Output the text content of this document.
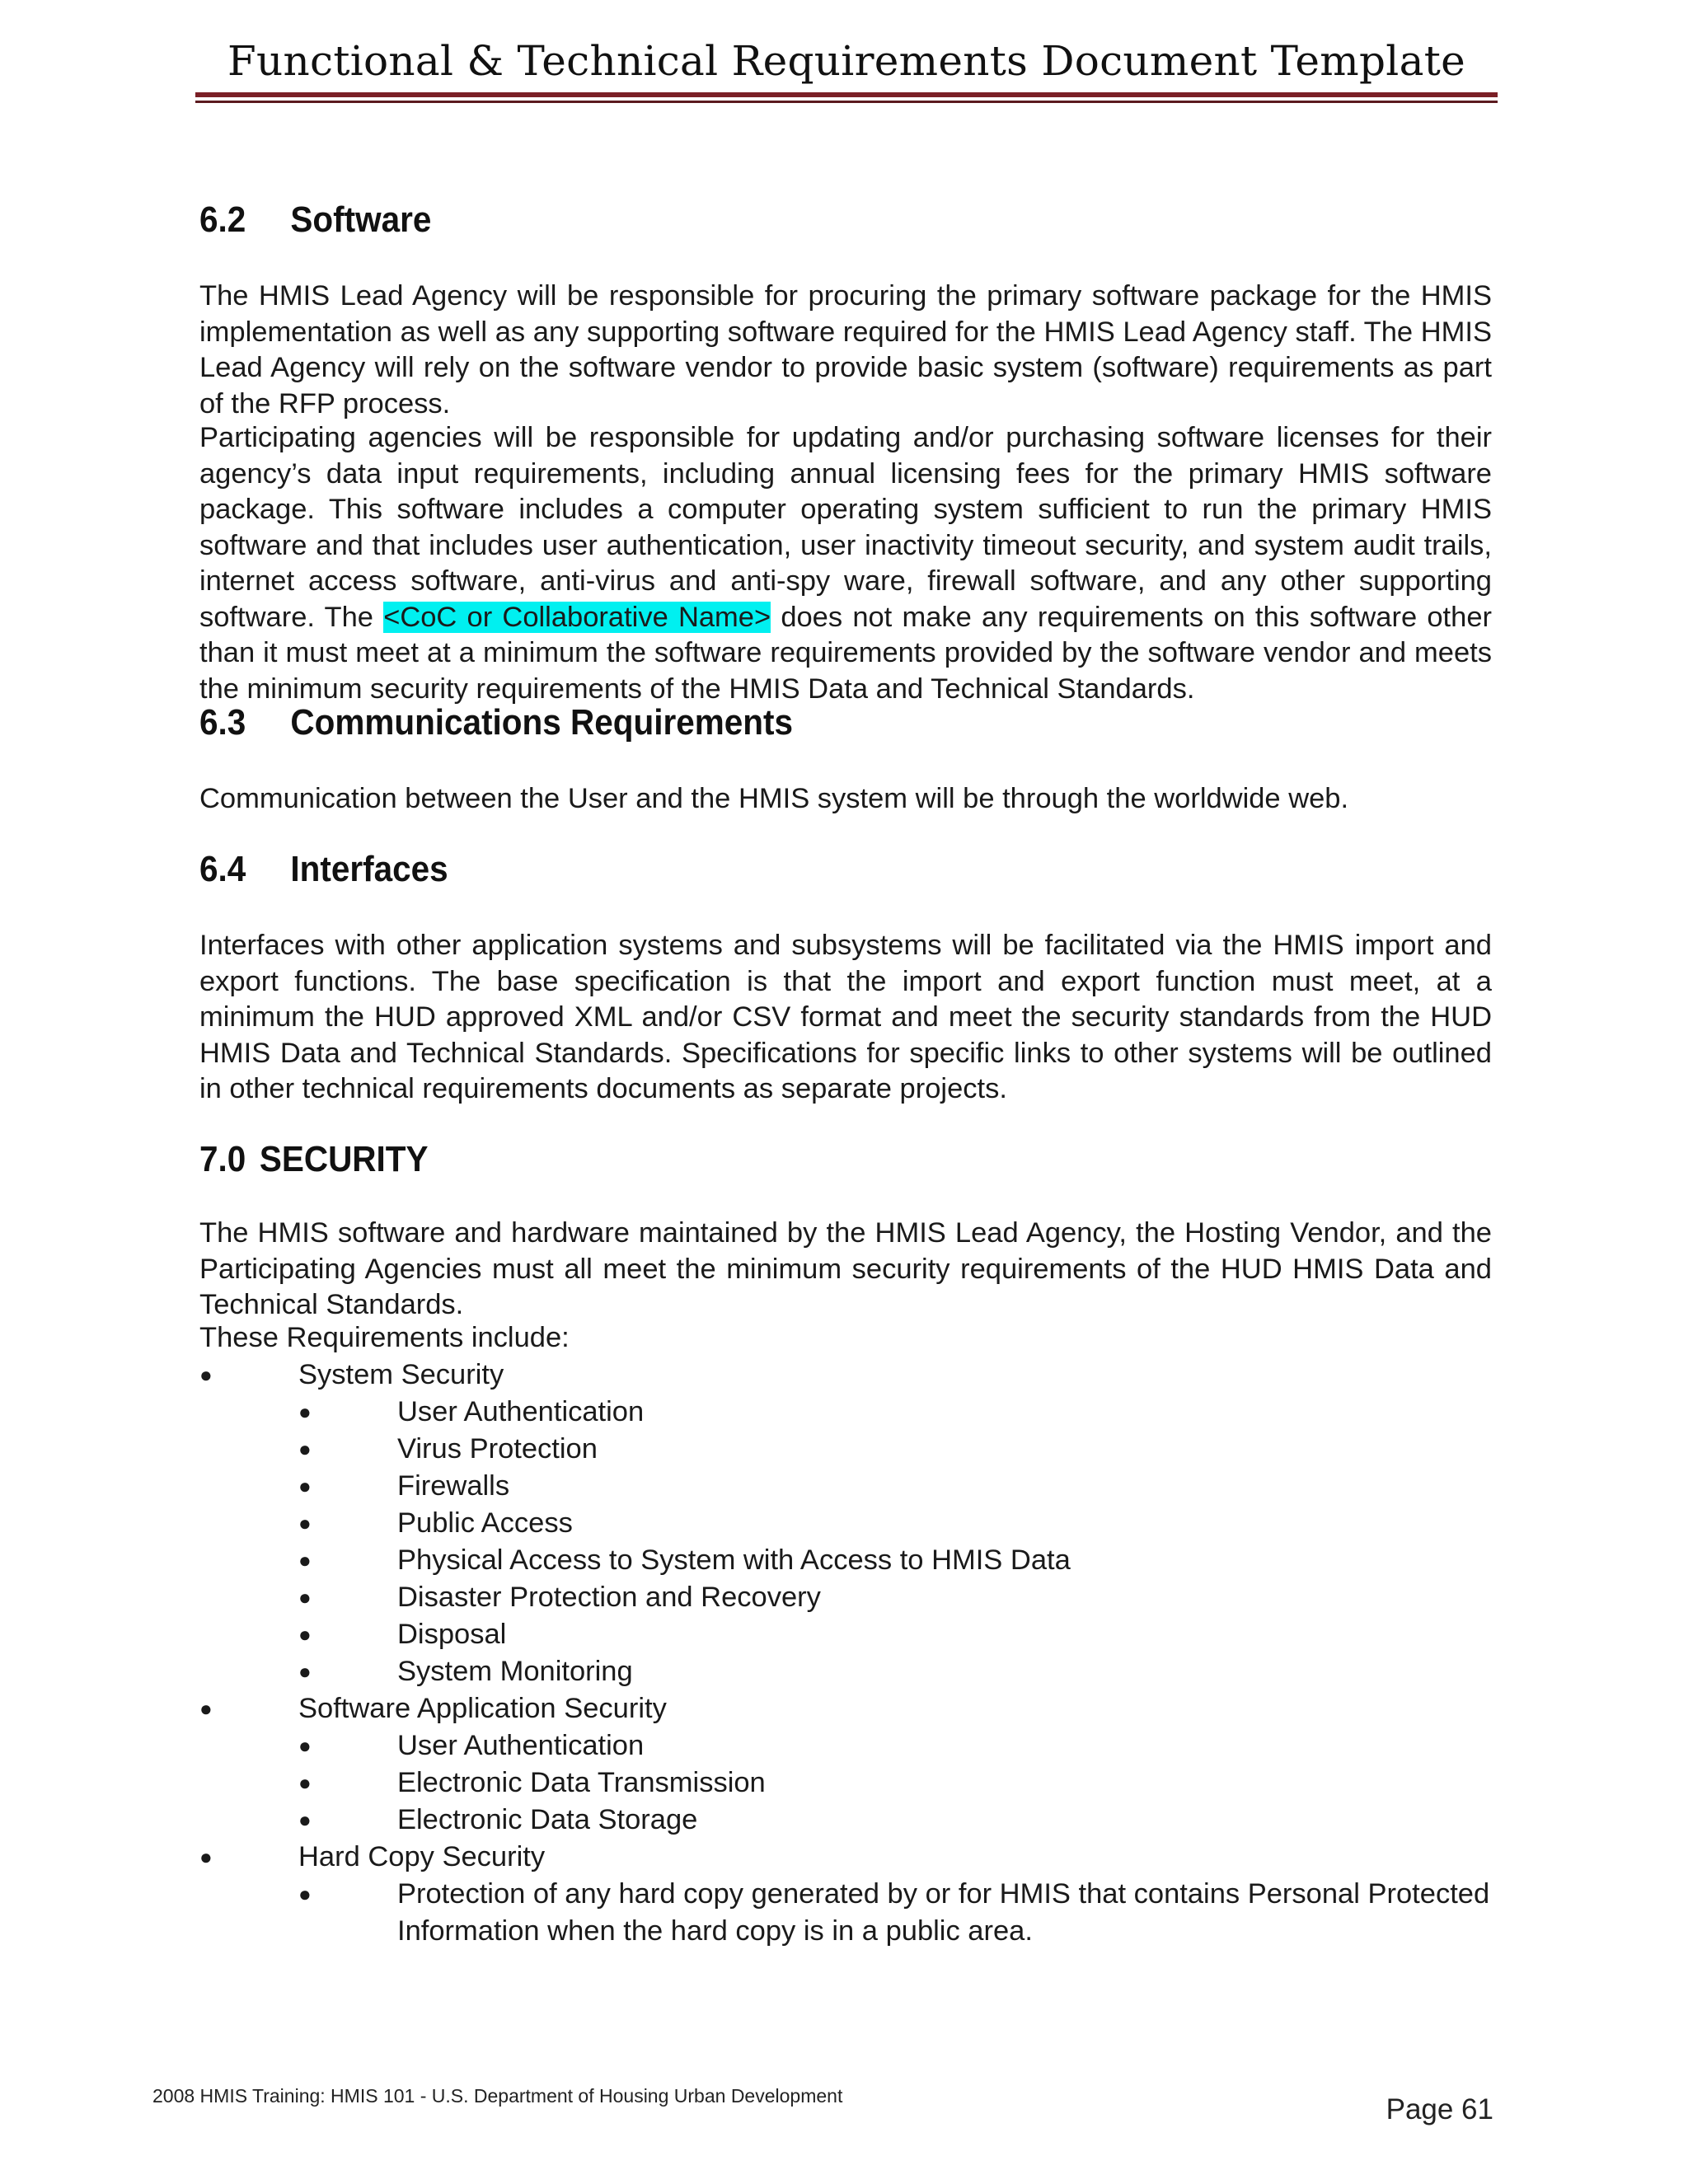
Functional & Technical Requirements Document Template
6.2 Software

The HMIS Lead Agency will be responsible for procuring the primary software package for the HMIS implementation as well as any supporting software required for the HMIS Lead Agency staff. The HMIS Lead Agency will rely on the software vendor to provide basic system (software) requirements as part of the RFP process.

Participating agencies will be responsible for updating and/or purchasing software licenses for their agency’s data input requirements, including annual licensing fees for the primary HMIS software package. This software includes a computer operating system sufficient to run the primary HMIS software and that includes user authentication, user inactivity timeout security, and system audit trails, internet access software, anti-virus and anti-spy ware, firewall software, and any other supporting software. The <CoC or Collaborative Name> does not make any requirements on this software other than it must meet at a minimum the software requirements provided by the software vendor and meets the minimum security requirements of the HMIS Data and Technical Standards.

6.3 Communications Requirements

Communication between the User and the HMIS system will be through the worldwide web.

6.4 Interfaces

Interfaces with other application systems and subsystems will be facilitated via the HMIS import and export functions. The base specification is that the import and export function must meet, at a minimum the HUD approved XML and/or CSV format and meet the security standards from the HUD HMIS Data and Technical Standards. Specifications for specific links to other systems will be outlined in other technical requirements documents as separate projects.

7.0 SECURITY

The HMIS software and hardware maintained by the HMIS Lead Agency, the Hosting Vendor, and the Participating Agencies must all meet the minimum security requirements of the HUD HMIS Data and Technical Standards.

These Requirements include:

●	System Security
●	User Authentication
●	Virus Protection
●	Firewalls
●	Public Access
●	Physical Access to System with Access to HMIS Data
●	Disaster Protection and Recovery
●	Disposal
●	System Monitoring
●	Software Application Security
●	User Authentication
●	Electronic Data Transmission
●	Electronic Data Storage
●	Hard Copy Security
●	Protection of any hard copy generated by or for HMIS that contains Personal Protected Information when the hard copy is in a public area.
2008 HMIS Training: HMIS 101 - U.S. Department of Housing Urban Development	Page 61
